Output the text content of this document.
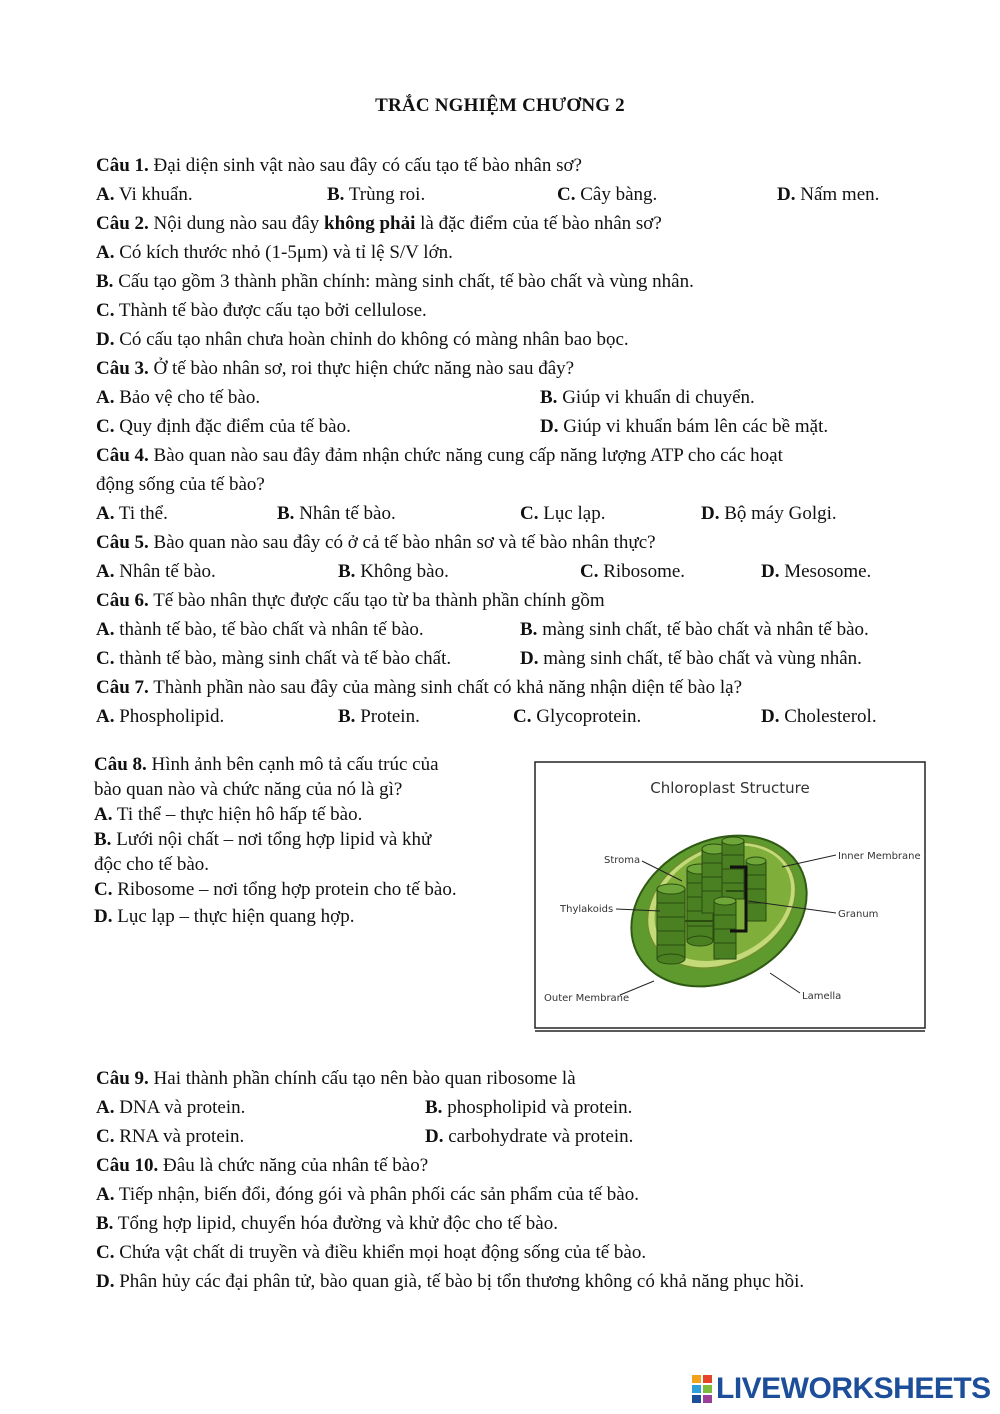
TRẮC NGHIỆM CHƯƠNG 2
Câu 1. Đại diện sinh vật nào sau đây có cấu tạo tế bào nhân sơ?
A. Vi khuẩn.	B. Trùng roi.	C. Cây bàng.	D. Nấm men.
Câu 2. Nội dung nào sau đây không phải là đặc điểm của tế bào nhân sơ?
A. Có kích thước nhỏ (1-5μm) và tỉ lệ S/V lớn.
B. Cấu tạo gồm 3 thành phần chính: màng sinh chất, tế bào chất và vùng nhân.
C. Thành tế bào được cấu tạo bởi cellulose.
D. Có cấu tạo nhân chưa hoàn chỉnh do không có màng nhân bao bọc.
Câu 3. Ở tế bào nhân sơ, roi thực hiện chức năng nào sau đây?
A. Bảo vệ cho tế bào.	B. Giúp vi khuẩn di chuyển.
C. Quy định đặc điểm của tế bào.	D. Giúp vi khuẩn bám lên các bề mặt.
Câu 4. Bào quan nào sau đây đảm nhận chức năng cung cấp năng lượng ATP cho các hoạt
động sống của tế bào?
A. Ti thể.	B. Nhân tế bào.	C. Lục lạp.	D. Bộ máy Golgi.
Câu 5. Bào quan nào sau đây có ở cả tế bào nhân sơ và tế bào nhân thực?
A. Nhân tế bào.	B. Không bào.	C. Ribosome.	D. Mesosome.
Câu 6. Tế bào nhân thực được cấu tạo từ ba thành phần chính gồm
A. thành tế bào, tế bào chất và nhân tế bào.	B. màng sinh chất, tế bào chất và nhân tế bào.
C. thành tế bào, màng sinh chất và tế bào chất.	D. màng sinh chất, tế bào chất và vùng nhân.
Câu 7. Thành phần nào sau đây của màng sinh chất có khả năng nhận diện tế bào lạ?
A. Phospholipid.	B. Protein.	C. Glycoprotein.	D. Cholesterol.
Câu 8. Hình ảnh bên cạnh mô tả cấu trúc của
bào quan nào và chức năng của nó là gì?
A. Ti thể – thực hiện hô hấp tế bào.
B. Lưới nội chất – nơi tổng hợp lipid và khử
độc cho tế bào.
C. Ribosome – nơi tổng hợp protein cho tế bào.
D. Lục lạp – thực hiện quang hợp.
Chloroplast Structure
Stroma
Thylakoids
Outer Membrane
Inner Membrane
Granum
Lamella
Câu 9. Hai thành phần chính cấu tạo nên bào quan ribosome là
A. DNA và protein.	B. phospholipid và protein.
C. RNA và protein.	D. carbohydrate và protein.
Câu 10. Đâu là chức năng của nhân tế bào?
A. Tiếp nhận, biến đổi, đóng gói và phân phối các sản phẩm của tế bào.
B. Tổng hợp lipid, chuyển hóa đường và khử độc cho tế bào.
C. Chứa vật chất di truyền và điều khiển mọi hoạt động sống của tế bào.
D. Phân hủy các đại phân tử, bào quan già, tế bào bị tổn thương không có khả năng phục hồi.
LIVEWORKSHEETS
